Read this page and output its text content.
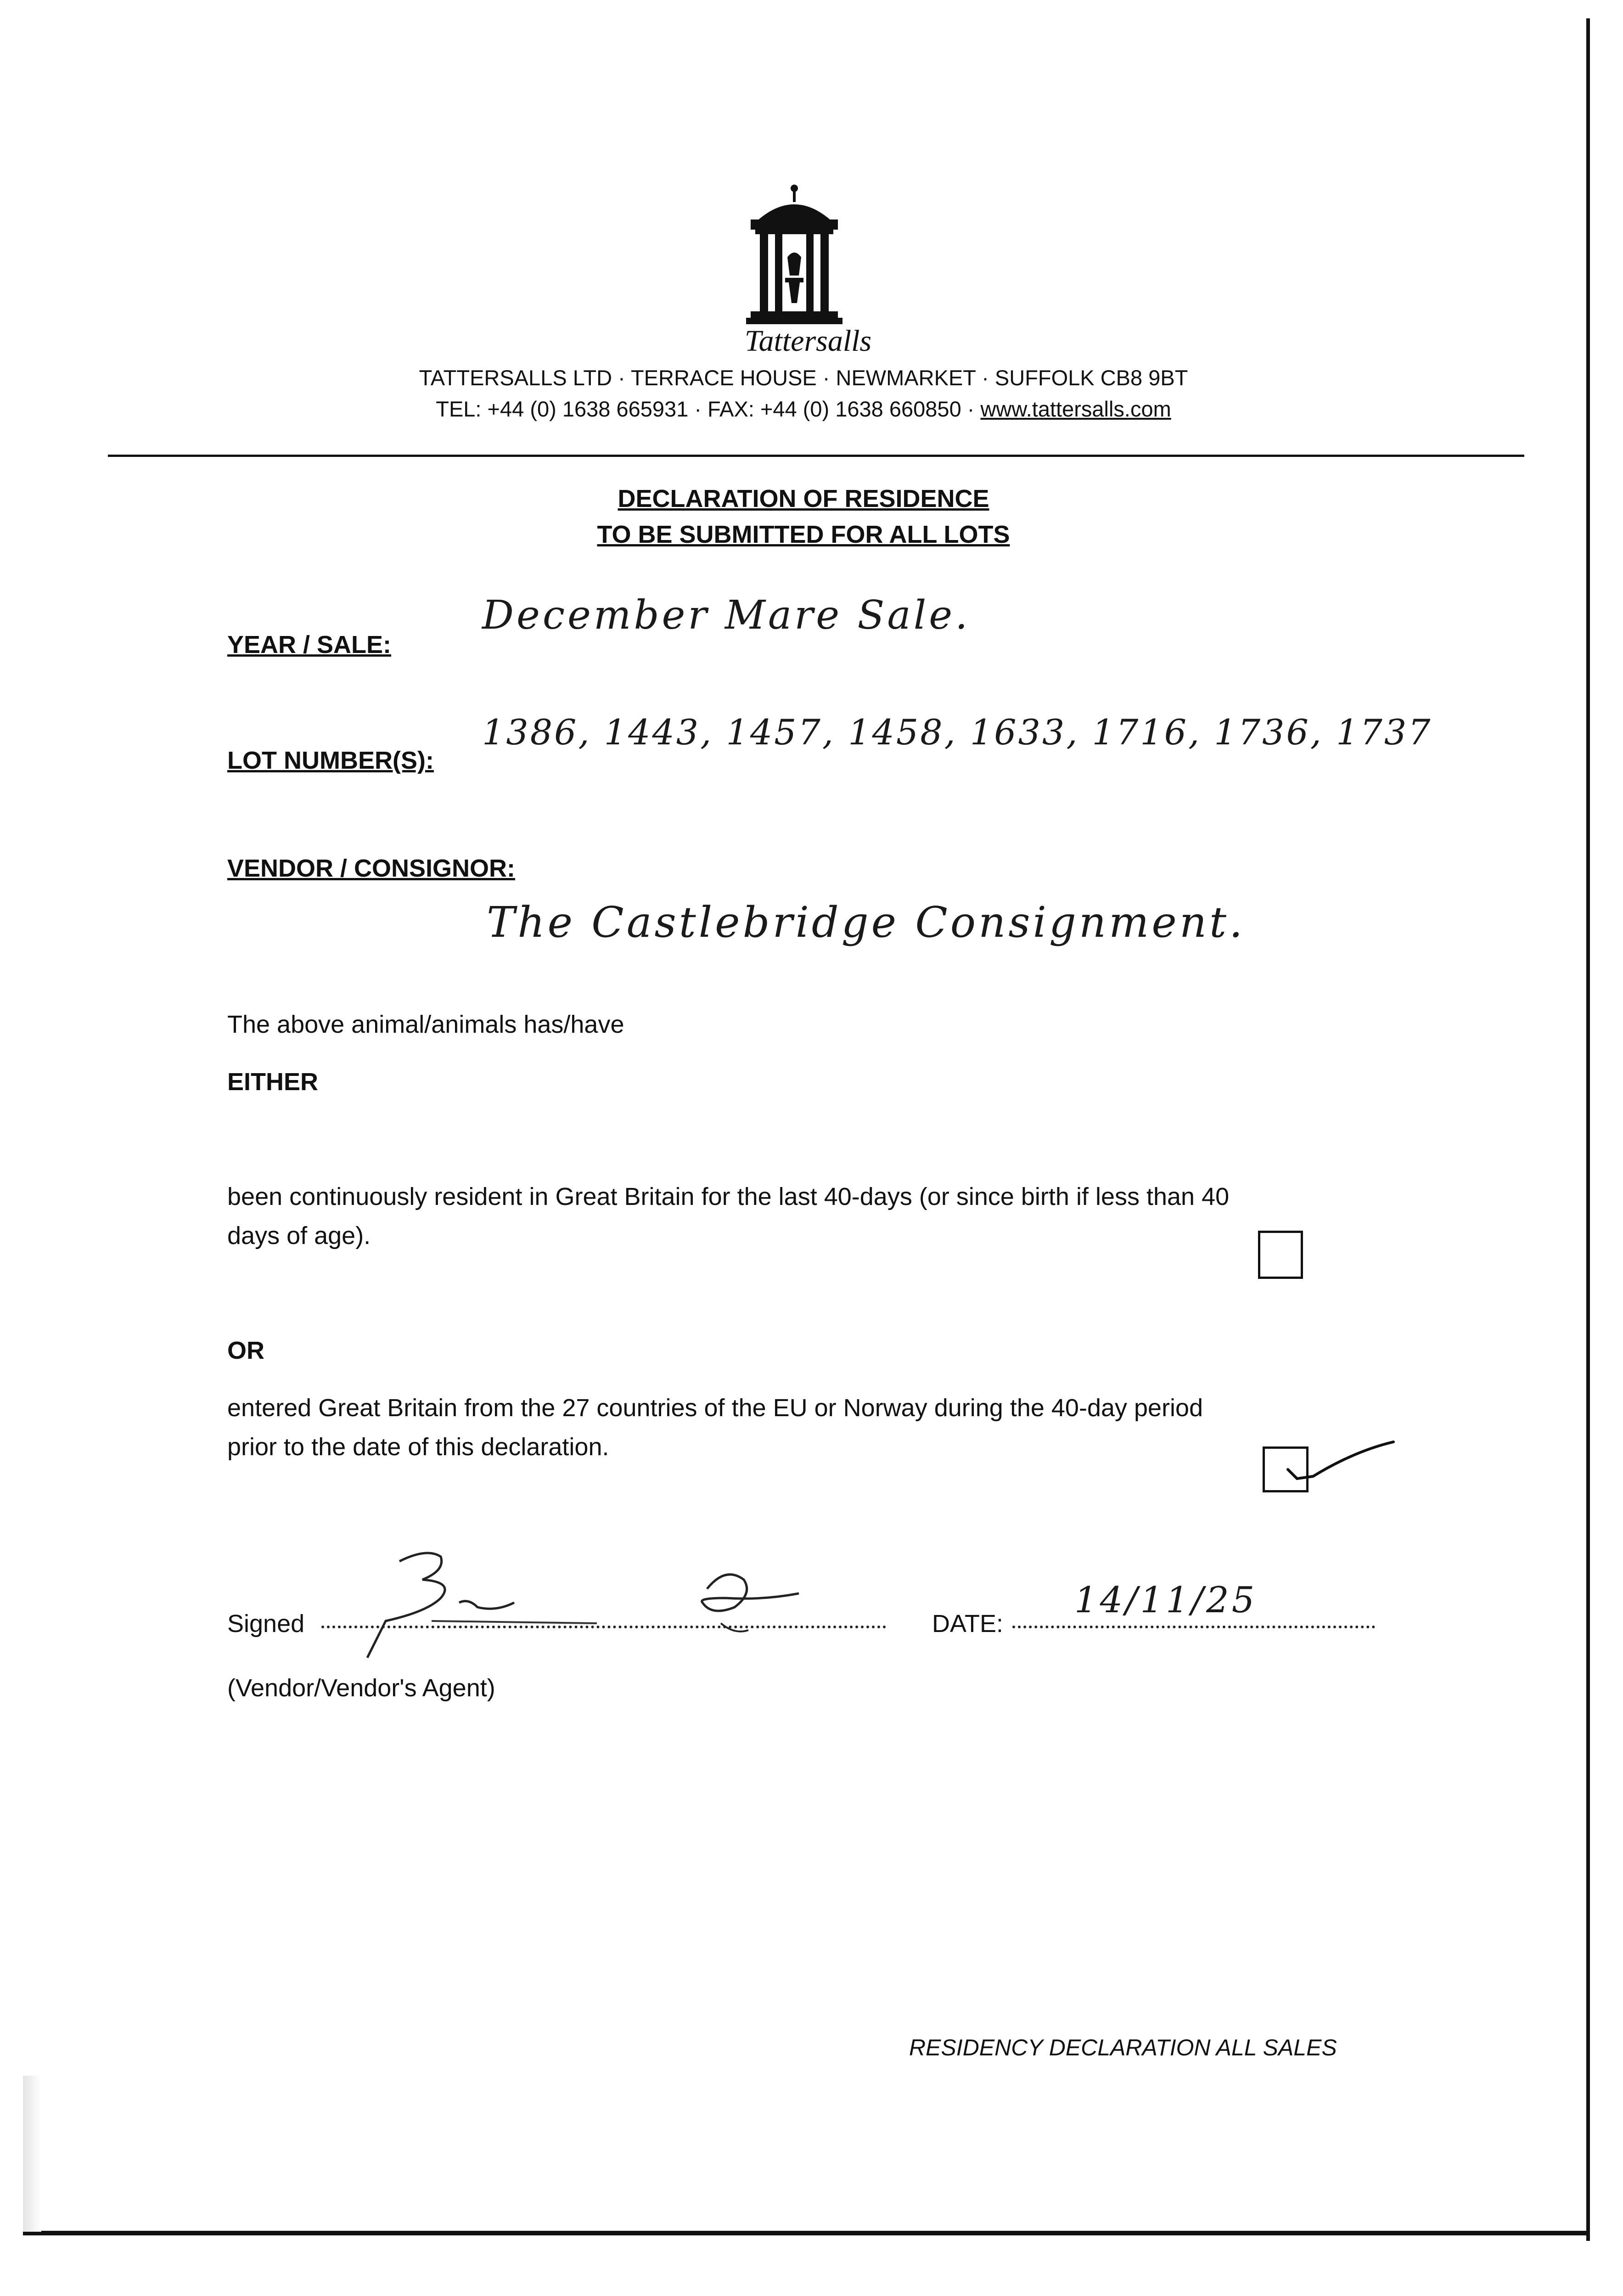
Tattersalls
TATTERSALLS LTD · TERRACE HOUSE · NEWMARKET · SUFFOLK CB8 9BT
TEL: +44 (0) 1638 665931 · FAX: +44 (0) 1638 660850 · www.tattersalls.com
DECLARATION OF RESIDENCE
TO BE SUBMITTED FOR ALL LOTS
YEAR / SALE:
December Mare Sale.
LOT NUMBER(S):
1386, 1443, 1457, 1458, 1633, 1716, 1736, 1737
VENDOR / CONSIGNOR:
The Castlebridge Consignment.
The above animal/animals has/have
EITHER
been continuously resident in Great Britain for the last 40-days (or since birth if less than 40
days of age).
OR
entered Great Britain from the 27 countries of the EU or Norway during the 40-day period
prior to the date of this declaration.
Signed	DATE:
14/11/25
(Vendor/Vendor's Agent)
RESIDENCY DECLARATION ALL SALES
